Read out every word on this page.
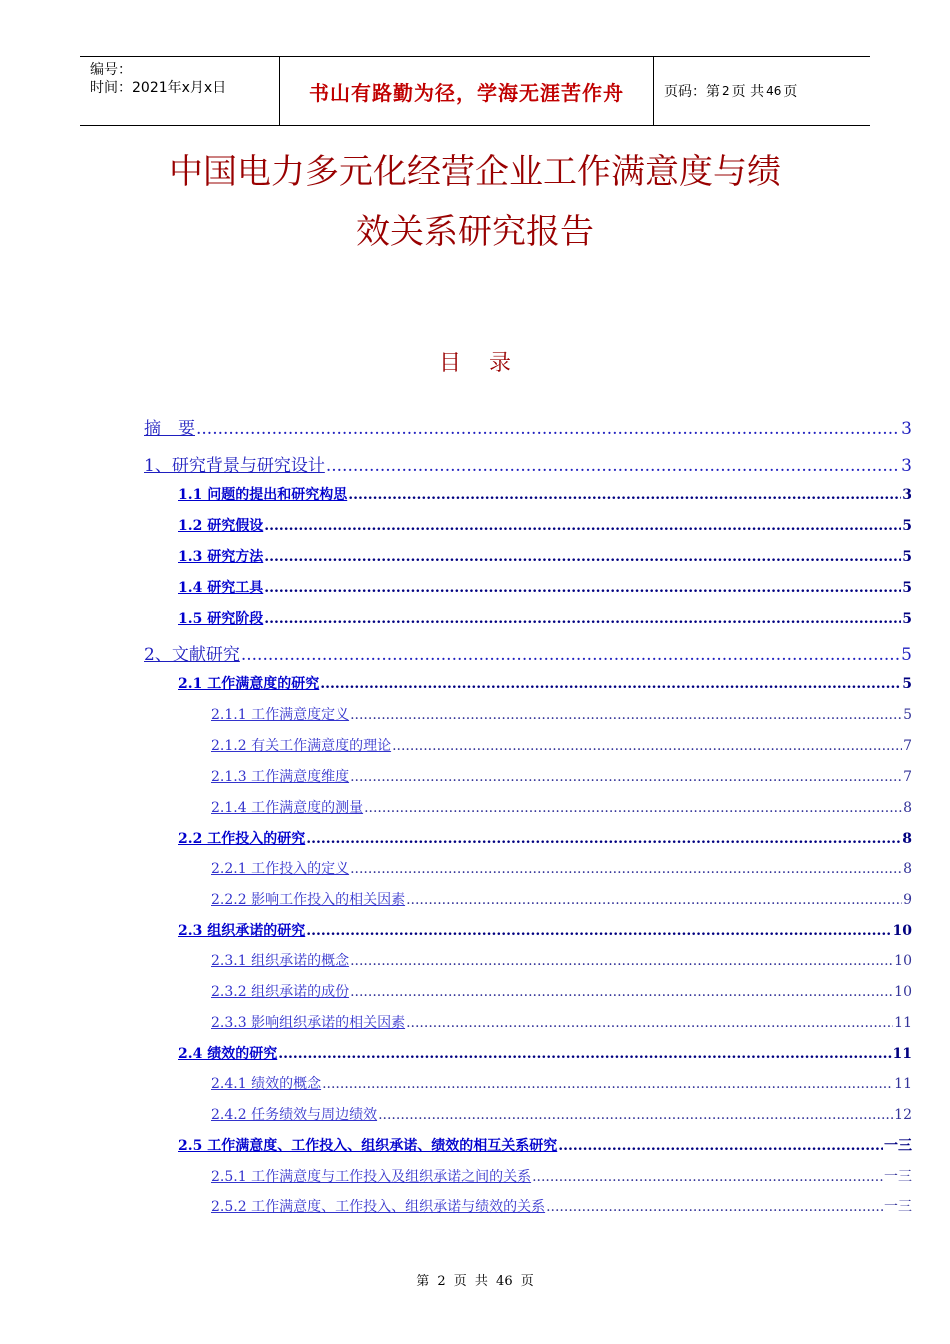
编号：
时间：2021年x月x日	书山有路勤为径，学海无涯苦作舟	页码：第 2 页 共 46 页
中国电力多元化经营企业工作满意度与绩
效关系研究报告
目录
摘　要 .....	3
1、研究背景与研究设计 .....	3
1.1 问题的提出和研究构思 .....	3
1.2 研究假设 .....	5
1.3 研究方法 .....	5
1.4 研究工具 .....	5
1.5 研究阶段 .....	5
2、文献研究 .....	5
2.1 工作满意度的研究 .....	5
2.1.1 工作满意度定义 .....	5
2.1.2 有关工作满意度的理论 .....	7
2.1.3 工作满意度维度 .....	7
2.1.4 工作满意度的测量 .....	8
2.2 工作投入的研究 .....	8
2.2.1 工作投入的定义 .....	8
2.2.2 影响工作投入的相关因素 .....	9
2.3 组织承诺的研究 .....	10
2.3.1 组织承诺的概念 .....	10
2.3.2 组织承诺的成份 .....	10
2.3.3 影响组织承诺的相关因素 .....	11
2.4 绩效的研究 .....	11
2.4.1 绩效的概念 .....	11
2.4.2 任务绩效与周边绩效 .....	12
2.5 工作满意度、工作投入、组织承诺、绩效的相互关系研究 .....	一三
2.5.1 工作满意度与工作投入及组织承诺之间的关系 .....	一三
2.5.2 工作满意度、工作投入、组织承诺与绩效的关系 .....	一三
第 2 页 共 46 页
